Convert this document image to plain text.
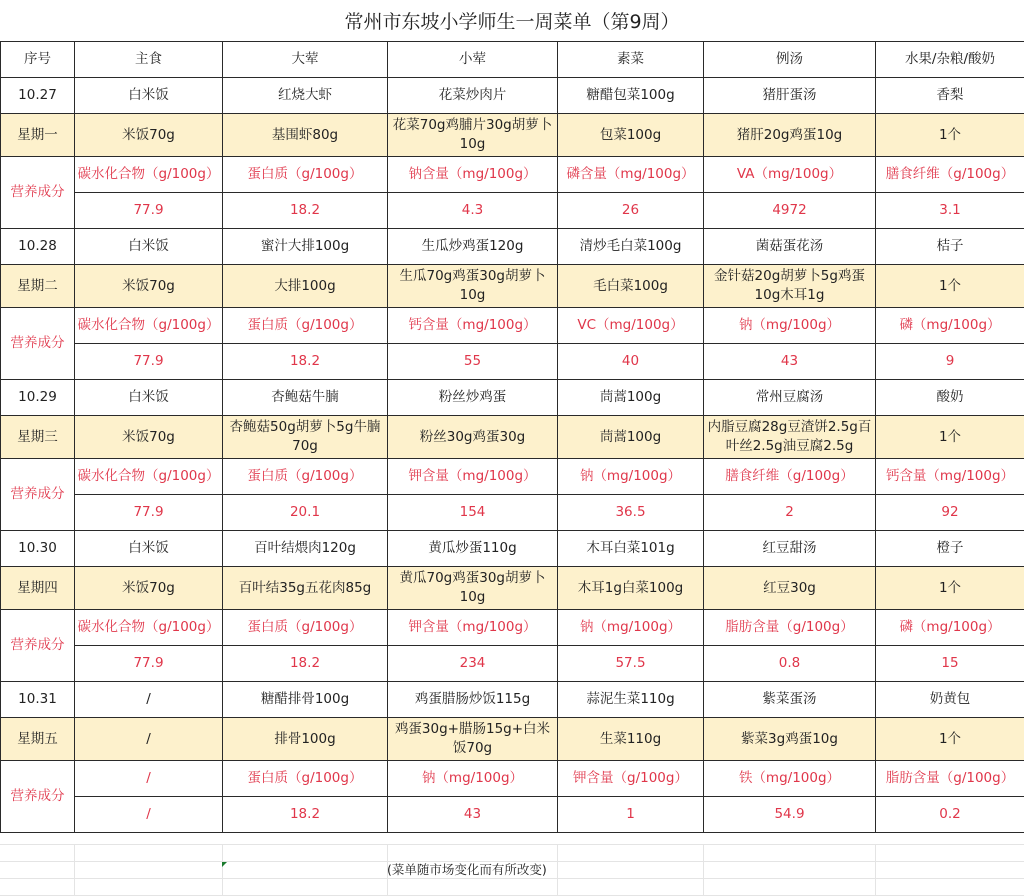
常州市东坡小学师生一周菜单（第9周）
序号	主食	大荤	小荤	素菜	例汤	水果/杂粮/酸奶
10.27	白米饭	红烧大虾	花菜炒肉片	糖醋包菜100g	猪肝蛋汤	香梨
星期一	米饭70g	基围虾80g	花菜70g鸡脯片30g胡萝卜10g	包菜100g	猪肝20g鸡蛋10g	1个
营养成分	碳水化合物（g/100g）	蛋白质（g/100g）	钠含量（mg/100g）	磷含量（mg/100g）	VA（mg/100g）	膳食纤维（g/100g）
	77.9	18.2	4.3	26	4972	3.1
10.28	白米饭	蜜汁大排100g	生瓜炒鸡蛋120g	清炒毛白菜100g	菌菇蛋花汤	桔子
星期二	米饭70g	大排100g	生瓜70g鸡蛋30g胡萝卜10g	毛白菜100g	金针菇20g胡萝卜5g鸡蛋10g木耳1g	1个
营养成分	碳水化合物（g/100g）	蛋白质（g/100g）	钙含量（mg/100g）	VC（mg/100g）	钠（mg/100g）	磷（mg/100g）
	77.9	18.2	55	40	43	9
10.29	白米饭	杏鲍菇牛腩	粉丝炒鸡蛋	茼蒿100g	常州豆腐汤	酸奶
星期三	米饭70g	杏鲍菇50g胡萝卜5g牛腩70g	粉丝30g鸡蛋30g	茼蒿100g	内脂豆腐28g豆渣饼2.5g百叶丝2.5g油豆腐2.5g	1个
营养成分	碳水化合物（g/100g）	蛋白质（g/100g）	钾含量（mg/100g）	钠（mg/100g）	膳食纤维（g/100g）	钙含量（mg/100g）
	77.9	20.1	154	36.5	2	92
10.30	白米饭	百叶结煨肉120g	黄瓜炒蛋110g	木耳白菜101g	红豆甜汤	橙子
星期四	米饭70g	百叶结35g五花肉85g	黄瓜70g鸡蛋30g胡萝卜10g	木耳1g白菜100g	红豆30g	1个
营养成分	碳水化合物（g/100g）	蛋白质（g/100g）	钾含量（mg/100g）	钠（mg/100g）	脂肪含量（g/100g）	磷（mg/100g）
	77.9	18.2	234	57.5	0.8	15
10.31	/	糖醋排骨100g	鸡蛋腊肠炒饭115g	蒜泥生菜110g	紫菜蛋汤	奶黄包
星期五	/	排骨100g	鸡蛋30g+腊肠15g+白米饭70g	生菜110g	紫菜3g鸡蛋10g	1个
营养成分	/	蛋白质（g/100g）	钠（mg/100g）	钾含量（g/100g）	铁（mg/100g）	脂肪含量（g/100g）
	/	18.2	43	1	54.9	0.2
(菜单随市场变化而有所改变)
